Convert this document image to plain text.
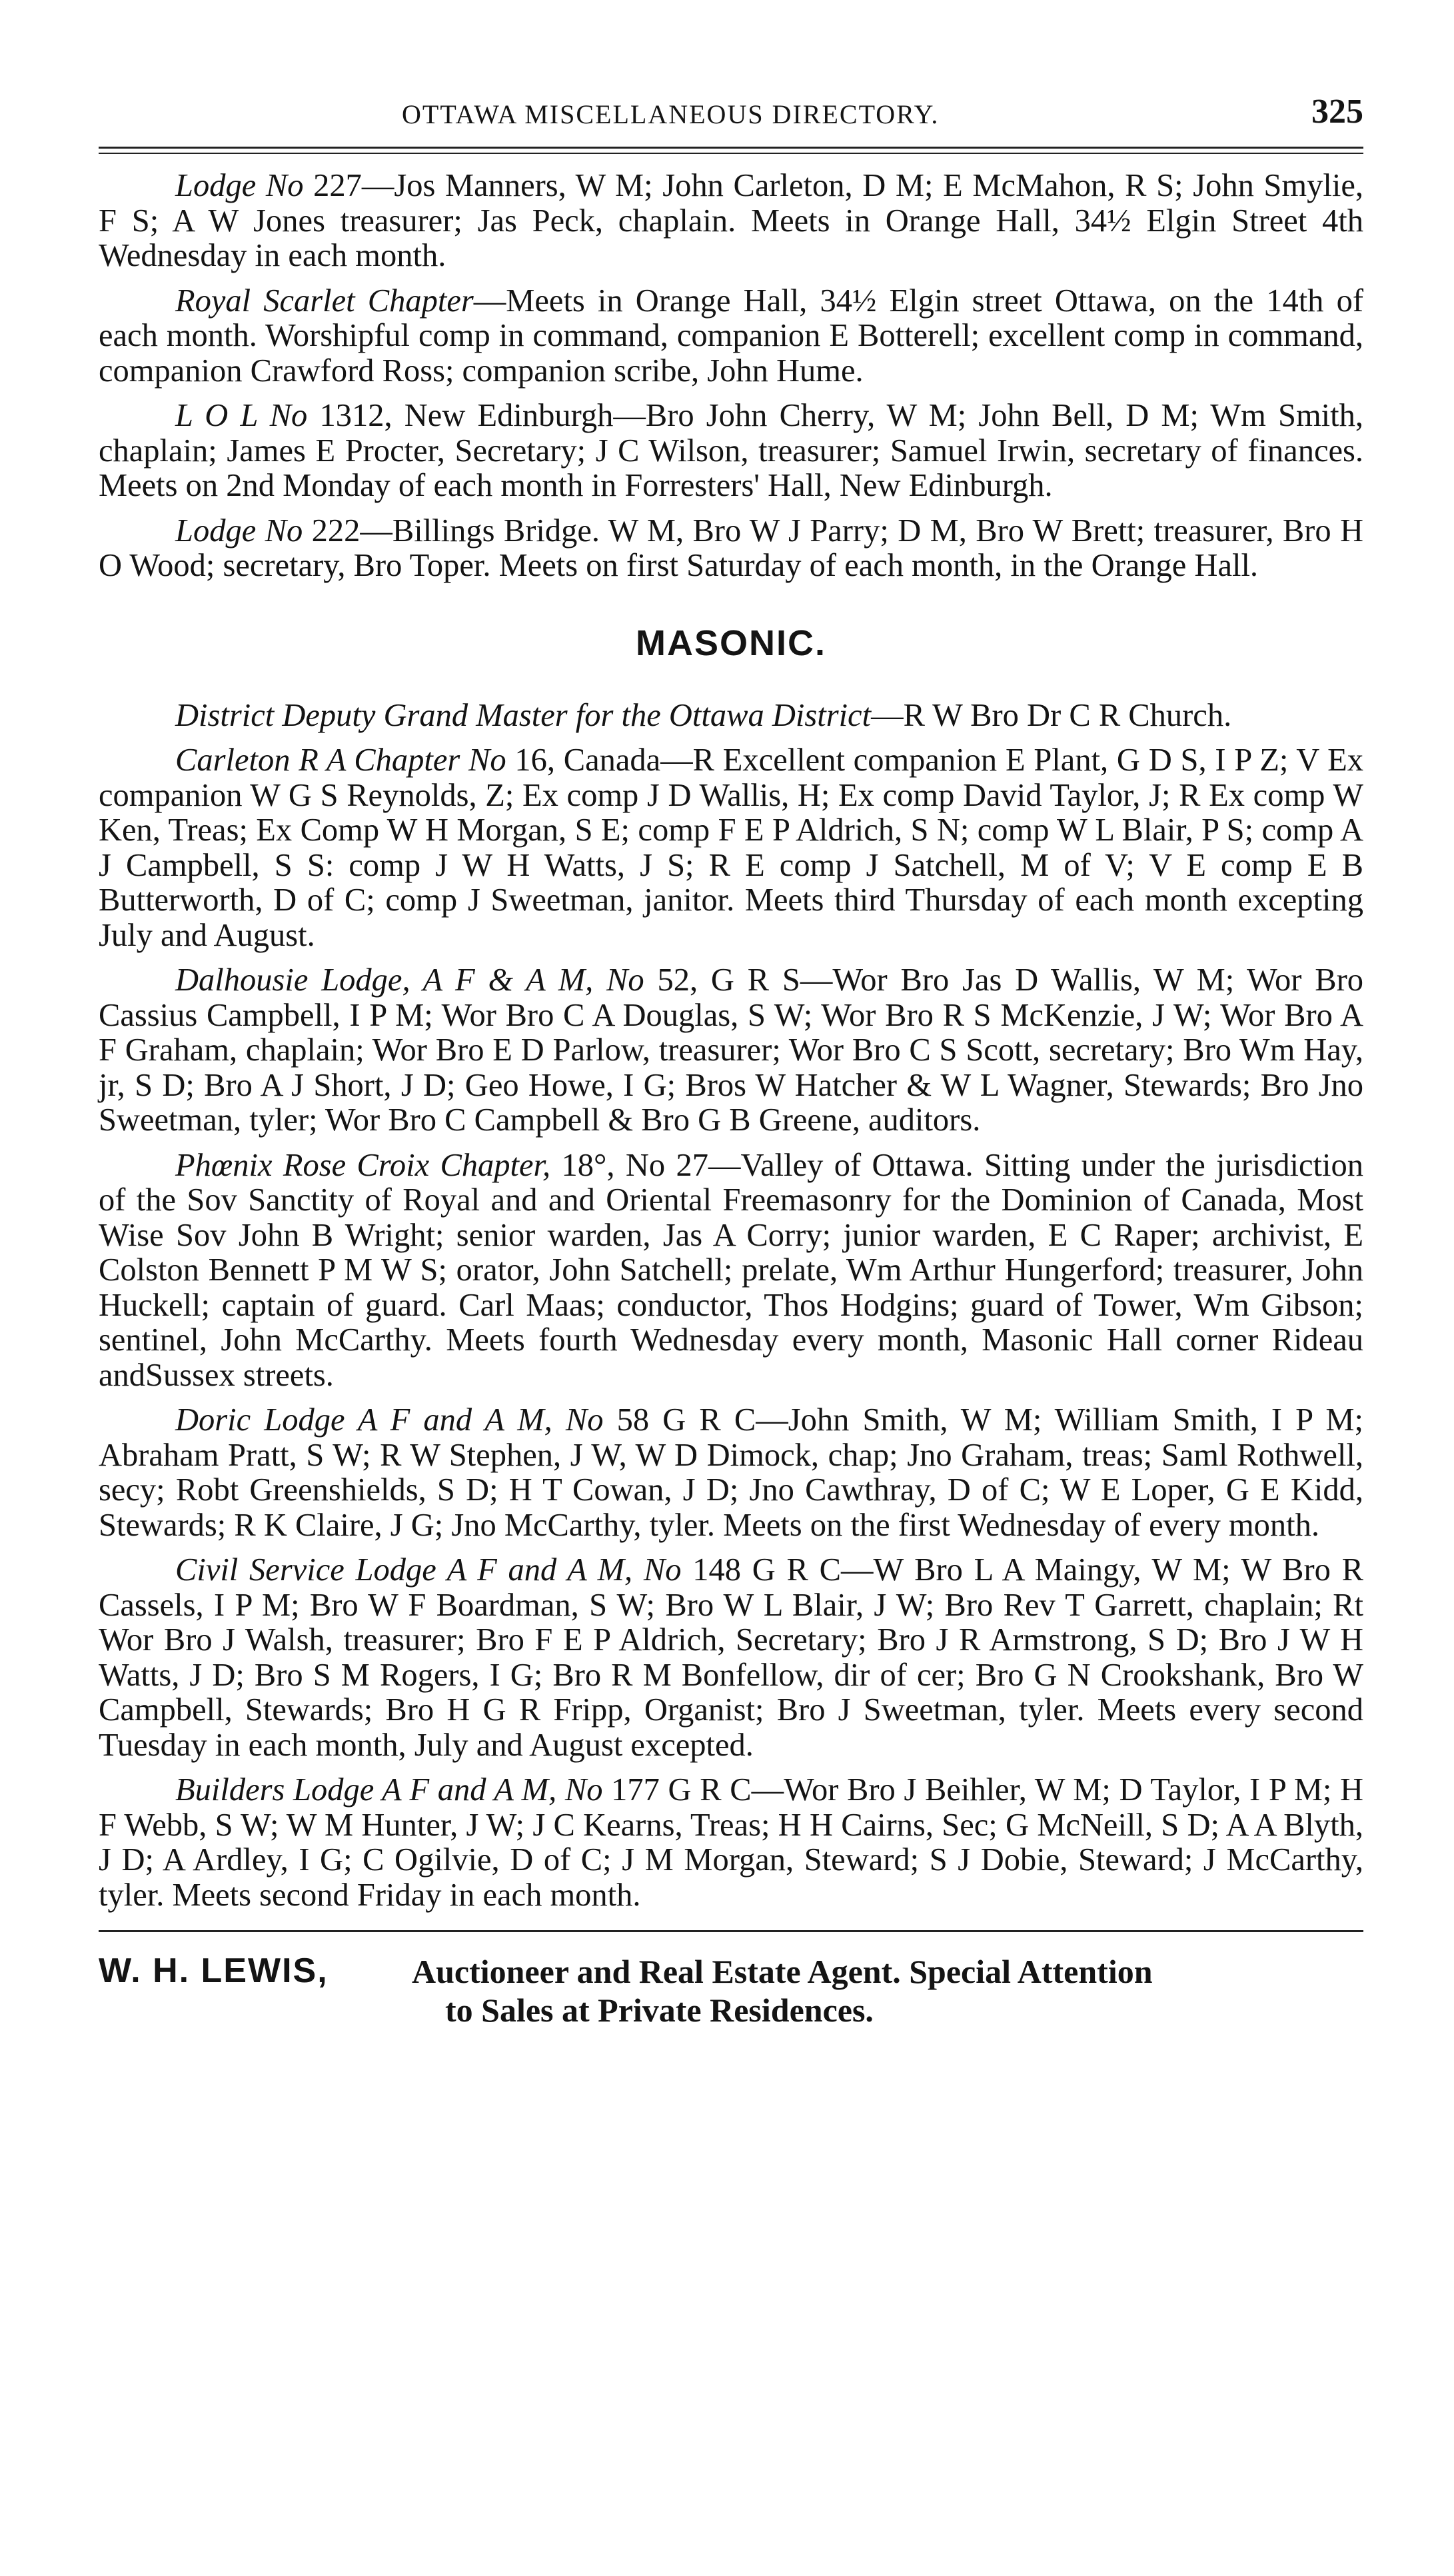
OTTAWA MISCELLANEOUS DIRECTORY.	325

Lodge No 227—Jos Manners, W M; John Carleton, D M; E McMahon, R S; John Smylie, F S; A W Jones treasurer; Jas Peck, chaplain. Meets in Orange Hall, 34½ Elgin Street 4th Wednesday in each month.

Royal Scarlet Chapter—Meets in Orange Hall, 34½ Elgin street Ottawa, on the 14th of each month. Worshipful comp in command, companion E Botterell; excellent comp in command, companion Crawford Ross; companion scribe, John Hume.

L O L No 1312, New Edinburgh—Bro John Cherry, W M; John Bell, D M; Wm Smith, chaplain; James E Procter, Secretary; J C Wilson, treasurer; Samuel Irwin, secretary of finances. Meets on 2nd Monday of each month in Forresters' Hall, New Edinburgh.

Lodge No 222—Billings Bridge. W M, Bro W J Parry; D M, Bro W Brett; treasurer, Bro H O Wood; secretary, Bro Toper. Meets on first Saturday of each month, in the Orange Hall.

MASONIC.

District Deputy Grand Master for the Ottawa District—R W Bro Dr C R Church.

Carleton R A Chapter No 16, Canada—R Excellent companion E Plant, G D S, I P Z; V Ex companion W G S Reynolds, Z; Ex comp J D Wallis, H; Ex comp David Taylor, J; R Ex comp W Ken, Treas; Ex Comp W H Morgan, S E; comp F E P Aldrich, S N; comp W L Blair, P S; comp A J Campbell, S S: comp J W H Watts, J S; R E comp J Satchell, M of V; V E comp E B Butterworth, D of C; comp J Sweetman, janitor. Meets third Thursday of each month excepting July and August.

Dalhousie Lodge, A F & A M, No 52, G R S—Wor Bro Jas D Wallis, W M; Wor Bro Cassius Campbell, I P M; Wor Bro C A Douglas, S W; Wor Bro R S McKenzie, J W; Wor Bro A F Graham, chaplain; Wor Bro E D Parlow, treasurer; Wor Bro C S Scott, secretary; Bro Wm Hay, jr, S D; Bro A J Short, J D; Geo Howe, I G; Bros W Hatcher & W L Wagner, Stewards; Bro Jno Sweetman, tyler; Wor Bro C Campbell & Bro G B Greene, auditors.

Phœnix Rose Croix Chapter, 18°, No 27—Valley of Ottawa. Sitting under the jurisdiction of the Sov Sanctity of Royal and and Oriental Freemasonry for the Dominion of Canada, Most Wise Sov John B Wright; senior warden, Jas A Corry; junior warden, E C Raper; archivist, E Colston Bennett P M W S; orator, John Satchell; prelate, Wm Arthur Hungerford; treasurer, John Huckell; captain of guard. Carl Maas; conductor, Thos Hodgins; guard of Tower, Wm Gibson; sentinel, John McCarthy. Meets fourth Wednesday every month, Masonic Hall corner Rideau andSussex streets.

Doric Lodge A F and A M, No 58 G R C—John Smith, W M; William Smith, I P M; Abraham Pratt, S W; R W Stephen, J W, W D Dimock, chap; Jno Graham, treas; Saml Rothwell, secy; Robt Greenshields, S D; H T Cowan, J D; Jno Cawthray, D of C; W E Loper, G E Kidd, Stewards; R K Claire, J G; Jno McCarthy, tyler. Meets on the first Wednesday of every month.

Civil Service Lodge A F and A M, No 148 G R C—W Bro L A Maingy, W M; W Bro R Cassels, I P M; Bro W F Boardman, S W; Bro W L Blair, J W; Bro Rev T Garrett, chaplain; Rt Wor Bro J Walsh, treasurer; Bro F E P Aldrich, Secretary; Bro J R Armstrong, S D; Bro J W H Watts, J D; Bro S M Rogers, I G; Bro R M Bonfellow, dir of cer; Bro G N Crookshank, Bro W Campbell, Stewards; Bro H G R Fripp, Organist; Bro J Sweetman, tyler. Meets every second Tuesday in each month, July and August excepted.

Builders Lodge A F and A M, No 177 G R C—Wor Bro J Beihler, W M; D Taylor, I P M; H F Webb, S W; W M Hunter, J W; J C Kearns, Treas; H H Cairns, Sec; G McNeill, S D; A A Blyth, J D; A Ardley, I G; C Ogilvie, D of C; J M Morgan, Steward; S J Dobie, Steward; J McCarthy, tyler. Meets second Friday in each month.

W. H. LEWIS,	Auctioneer and Real Estate Agent. Special Attention
to Sales at Private Residences.
